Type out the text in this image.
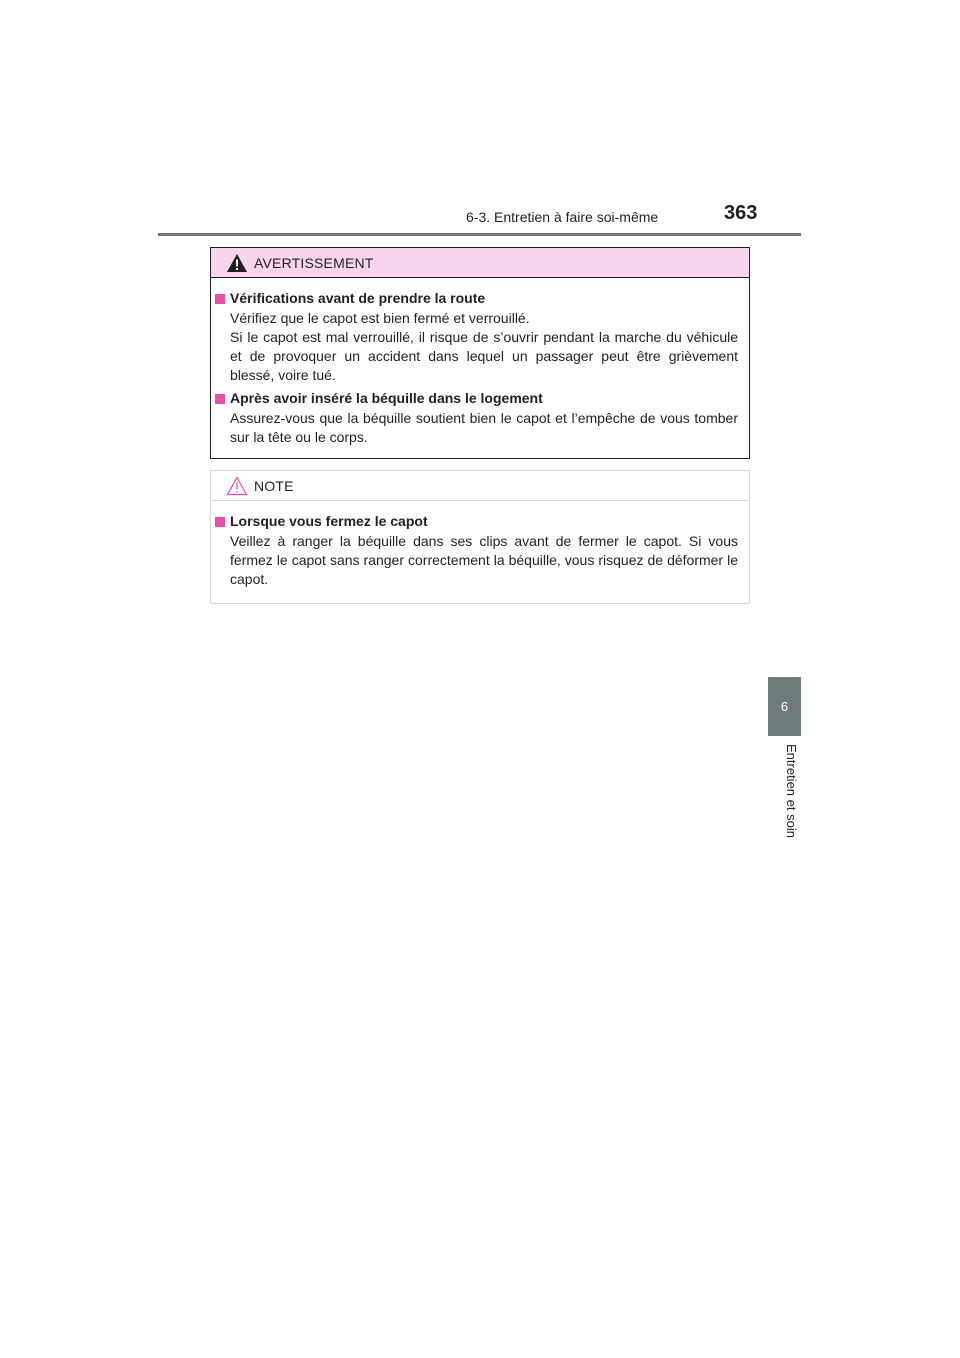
6-3. Entretien à faire soi-même	363
6
Entretien et soin
AVERTISSEMENT
Vérifications avant de prendre la route

Vérifiez que le capot est bien fermé et verrouillé.

Si le capot est mal verrouillé, il risque de s’ouvrir pendant la marche du véhicule et de provoquer un accident dans lequel un passager peut être grièvement blessé, voire tué.

Après avoir inséré la béquille dans le logement

Assurez-vous que la béquille soutient bien le capot et l’empêche de vous tomber sur la tête ou le corps.

NOTE
Lorsque vous fermez le capot

Veillez à ranger la béquille dans ses clips avant de fermer le capot. Si vous fermez le capot sans ranger correctement la béquille, vous risquez de déformer le capot.
